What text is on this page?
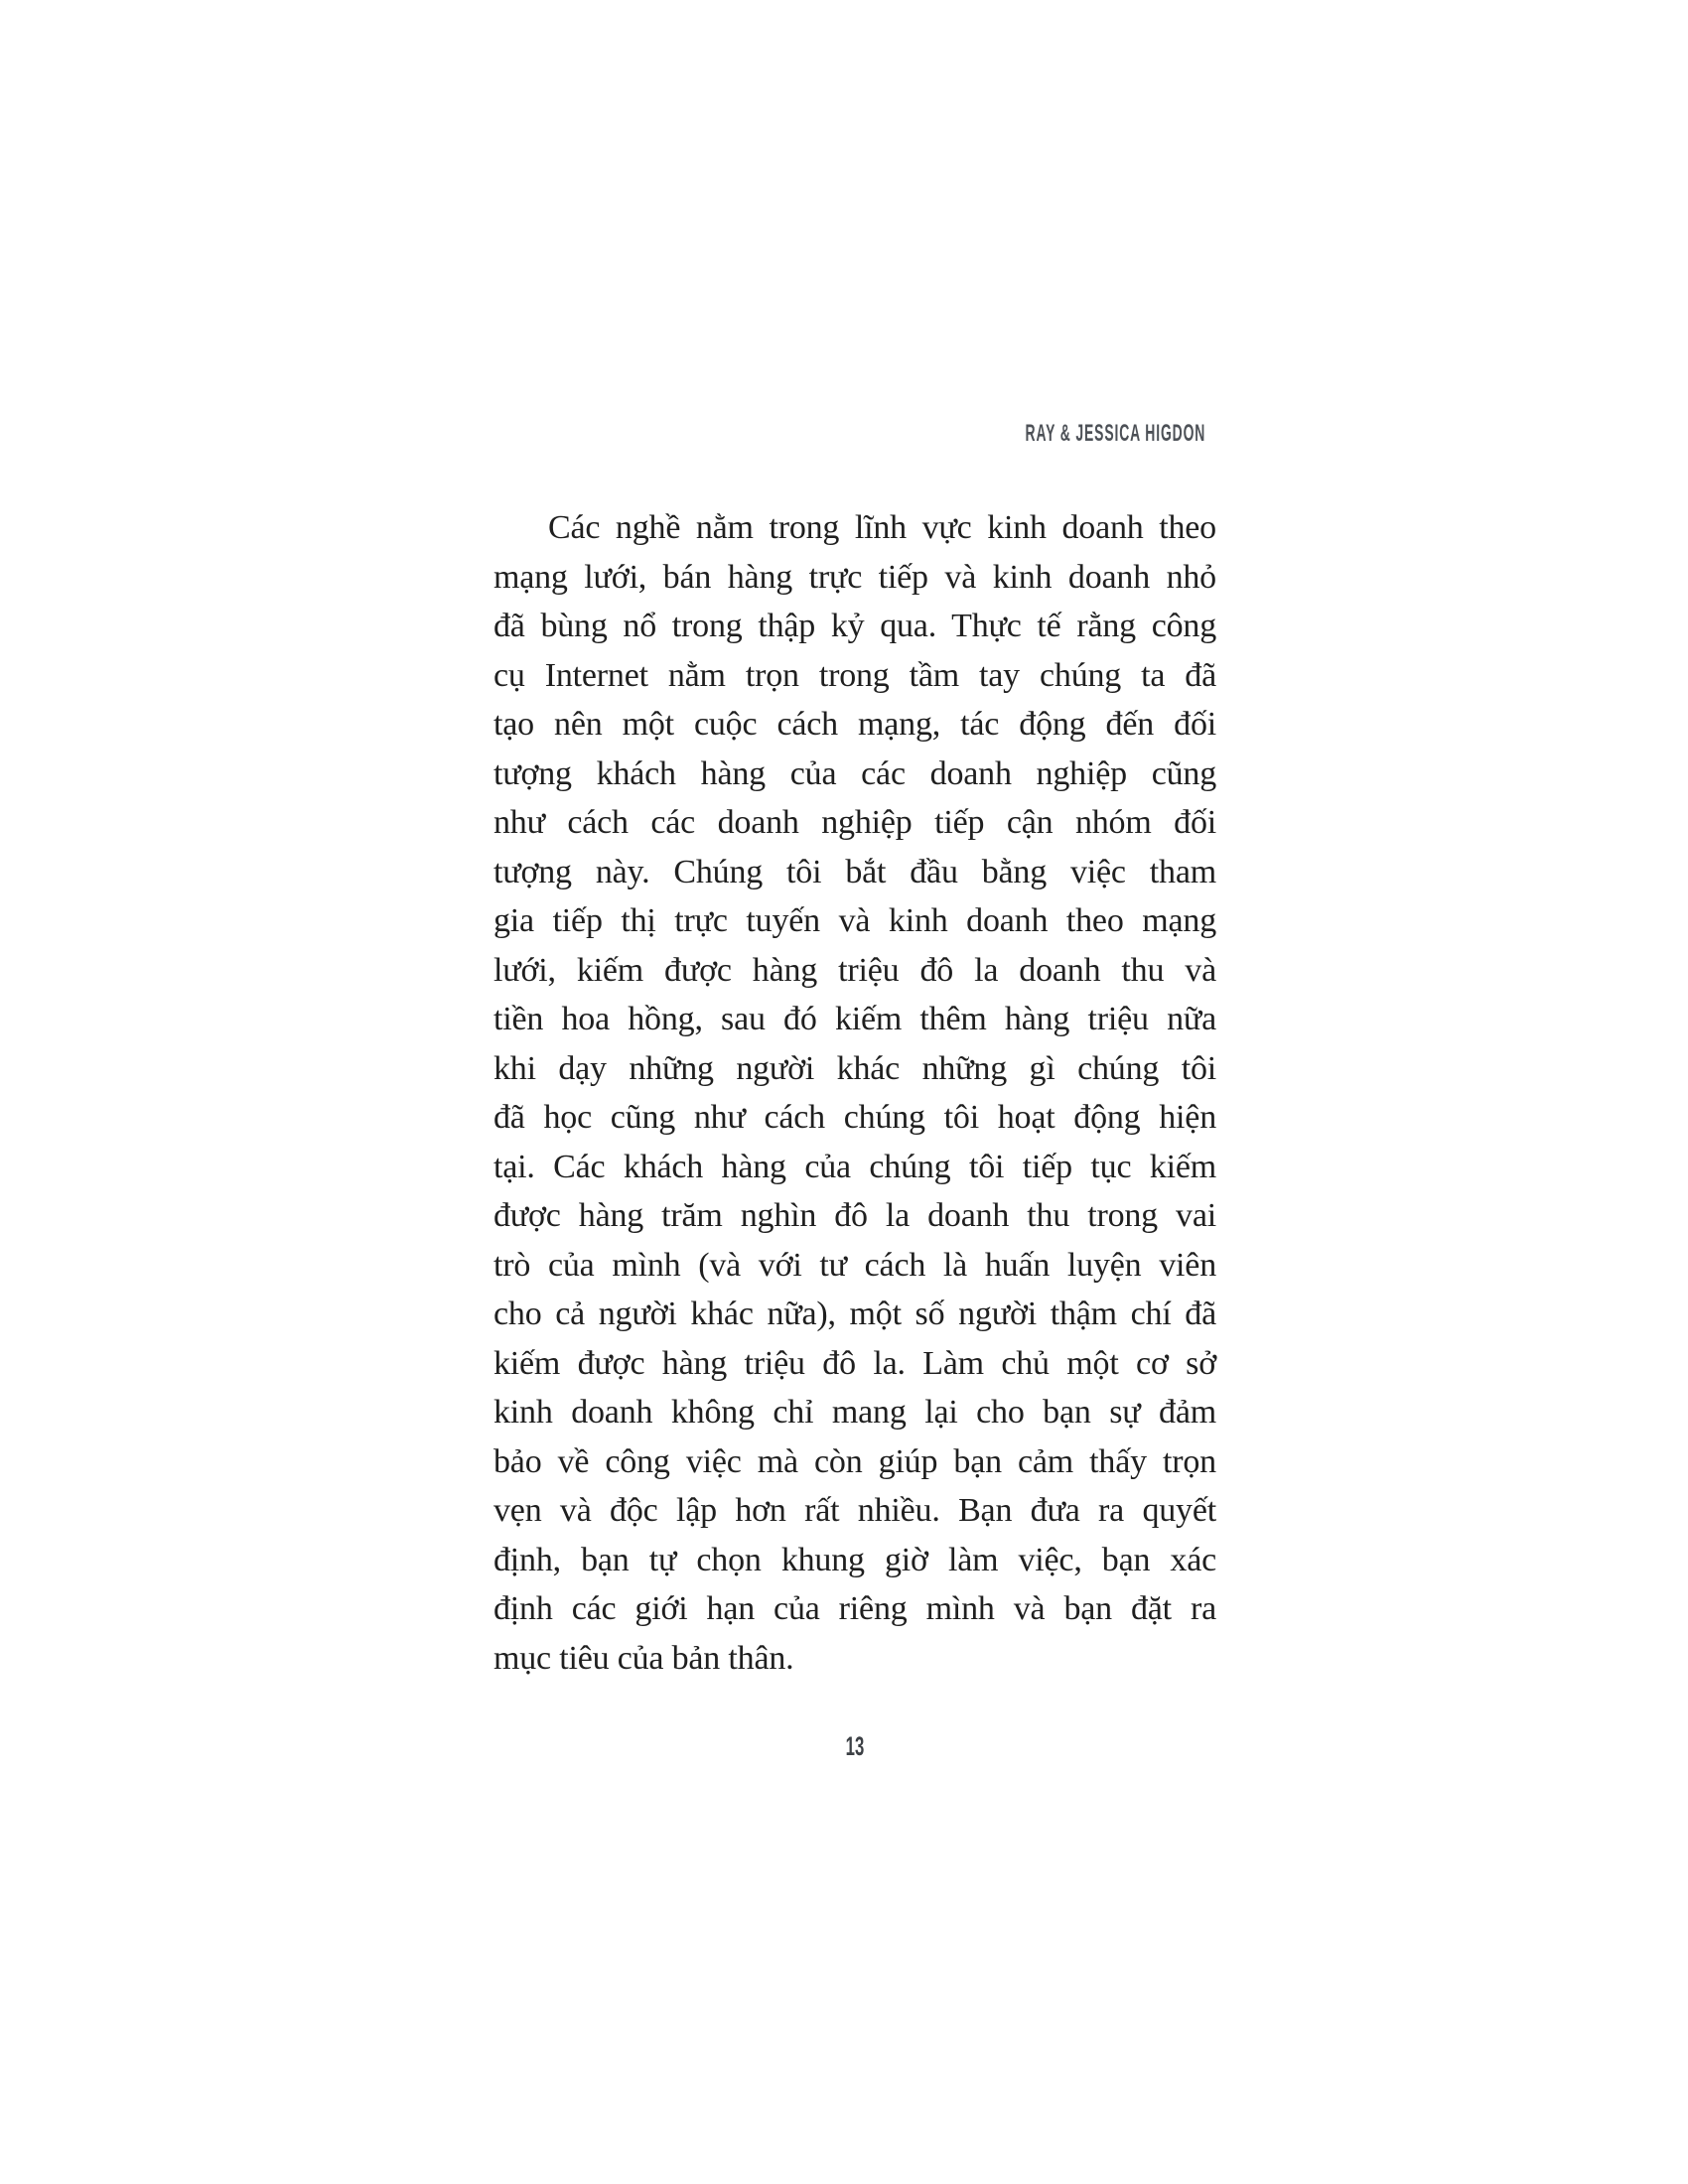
RAY & JESSICA HIGDON
Các nghề nằm trong lĩnh vực kinh doanh theo
mạng lưới, bán hàng trực tiếp và kinh doanh nhỏ
đã bùng nổ trong thập kỷ qua. Thực tế rằng công
cụ Internet nằm trọn trong tầm tay chúng ta đã
tạo nên một cuộc cách mạng, tác động đến đối
tượng khách hàng của các doanh nghiệp cũng
như cách các doanh nghiệp tiếp cận nhóm đối
tượng này. Chúng tôi bắt đầu bằng việc tham
gia tiếp thị trực tuyến và kinh doanh theo mạng
lưới, kiếm được hàng triệu đô la doanh thu và
tiền hoa hồng, sau đó kiếm thêm hàng triệu nữa
khi dạy những người khác những gì chúng tôi
đã học cũng như cách chúng tôi hoạt động hiện
tại. Các khách hàng của chúng tôi tiếp tục kiếm
được hàng trăm nghìn đô la doanh thu trong vai
trò của mình (và với tư cách là huấn luyện viên
cho cả người khác nữa), một số người thậm chí đã
kiếm được hàng triệu đô la. Làm chủ một cơ sở
kinh doanh không chỉ mang lại cho bạn sự đảm
bảo về công việc mà còn giúp bạn cảm thấy trọn
vẹn và độc lập hơn rất nhiều. Bạn đưa ra quyết
định, bạn tự chọn khung giờ làm việc, bạn xác
định các giới hạn của riêng mình và bạn đặt ra
mục tiêu của bản thân.
13
